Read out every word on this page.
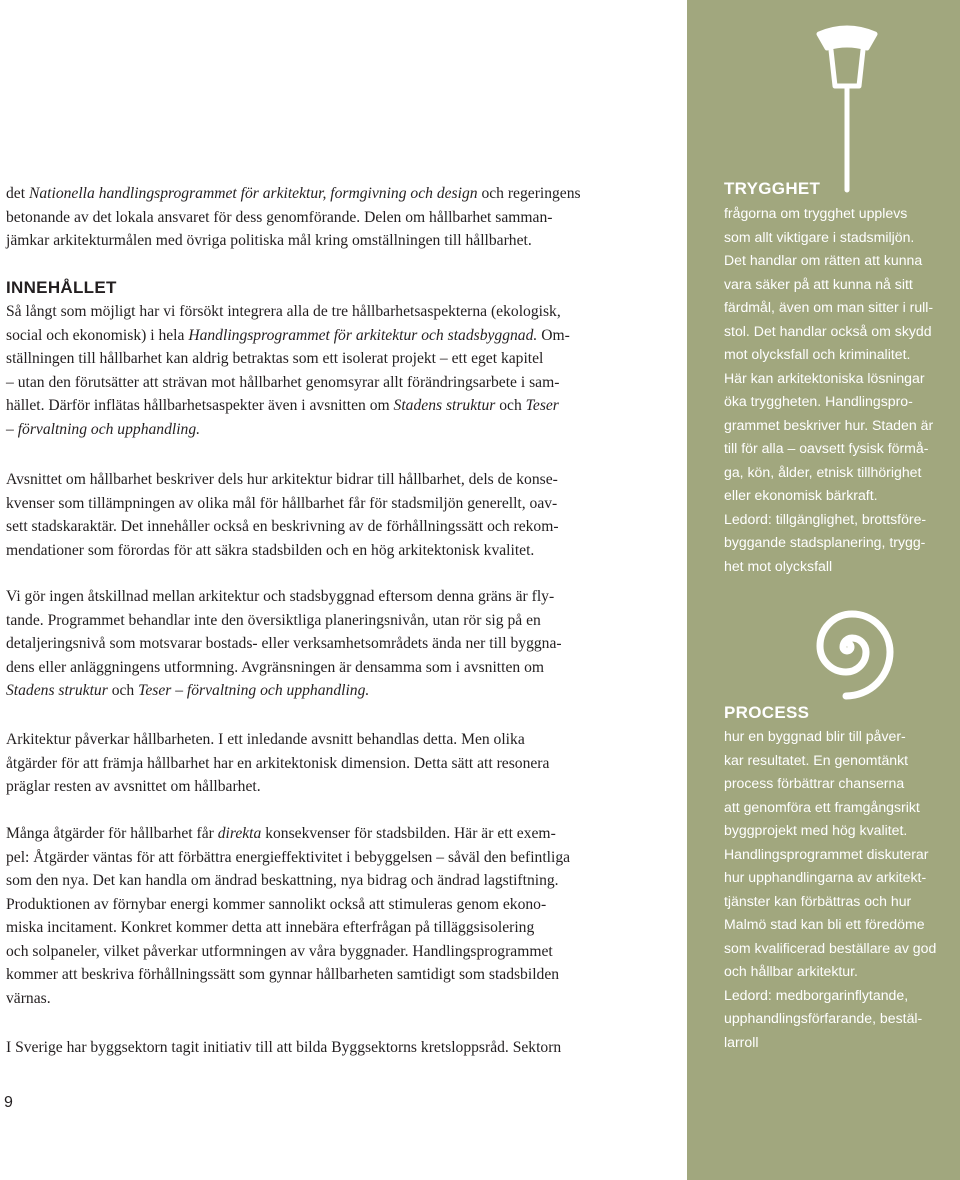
det Nationella handlingsprogrammet för arkitektur, formgivning och design och regeringens
betonande av det lokala ansvaret för dess genomförande. Delen om hållbarhet samman-
jämkar arkitekturmålen med övriga politiska mål kring omställningen till hållbarhet.

INNEHÅLLET

Så långt som möjligt har vi försökt integrera alla de tre hållbarhetsaspekterna (ekologisk,
social och ekonomisk) i hela Handlingsprogrammet för arkitektur och stadsbyggnad. Om-
ställningen till hållbarhet kan aldrig betraktas som ett isolerat projekt – ett eget kapitel
– utan den förutsätter att strävan mot hållbarhet genomsyrar allt förändringsarbete i sam-
hället. Därför inflätas hållbarhetsaspekter även i avsnitten om Stadens struktur och Teser
– förvaltning och upphandling.

Avsnittet om hållbarhet beskriver dels hur arkitektur bidrar till hållbarhet, dels de konse-
kvenser som tillämpningen av olika mål för hållbarhet får för stadsmiljön generellt, oav-
sett stadskaraktär. Det innehåller också en beskrivning av de förhållningssätt och rekom-
mendationer som förordas för att säkra stadsbilden och en hög arkitektonisk kvalitet.

Vi gör ingen åtskillnad mellan arkitektur och stadsbyggnad eftersom denna gräns är fly-
tande. Programmet behandlar inte den översiktliga planeringsnivån, utan rör sig på en
detaljeringsnivå som motsvarar bostads- eller verksamhetsområdets ända ner till byggna-
dens eller anläggningens utformning. Avgränsningen är densamma som i avsnitten om
Stadens struktur och Teser – förvaltning och upphandling.

Arkitektur påverkar hållbarheten. I ett inledande avsnitt behandlas detta. Men olika
åtgärder för att främja hållbarhet har en arkitektonisk dimension. Detta sätt att resonera
präglar resten av avsnittet om hållbarhet.

Många åtgärder för hållbarhet får direkta konsekvenser för stadsbilden. Här är ett exem-
pel: Åtgärder väntas för att förbättra energieffektivitet i bebyggelsen – såväl den befintliga
som den nya. Det kan handla om ändrad beskattning, nya bidrag och ändrad lagstiftning.
Produktionen av förnybar energi kommer sannolikt också att stimuleras genom ekono-
miska incitament. Konkret kommer detta att innebära efterfrågan på tilläggsisolering
och solpaneler, vilket påverkar utformningen av våra byggnader. Handlingsprogrammet
kommer att beskriva förhållningssätt som gynnar hållbarheten samtidigt som stadsbilden
värnas.

I Sverige har byggsektorn tagit initiativ till att bilda Byggsektorns kretsloppsråd. Sektorn

9
TRYGGHET
frågorna om trygghet upplevs
som allt viktigare i stadsmiljön.
Det handlar om rätten att kunna
vara säker på att kunna nå sitt
färdmål, även om man sitter i rull-
stol. Det handlar också om skydd
mot olycksfall och kriminalitet.
Här kan arkitektoniska lösningar
öka tryggheten. Handlingspro-
grammet beskriver hur. Staden är
till för alla – oavsett fysisk förmå-
ga, kön, ålder, etnisk tillhörighet
eller ekonomisk bärkraft.
Ledord: tillgänglighet, brottsföre-
byggande stadsplanering, trygg-
het mot olycksfall
PROCESS
hur en byggnad blir till påver-
kar resultatet. En genomtänkt
process förbättrar chanserna
att genomföra ett framgångsrikt
byggprojekt med hög kvalitet.
Handlingsprogrammet diskuterar
hur upphandlingarna av arkitekt-
tjänster kan förbättras och hur
Malmö stad kan bli ett föredöme
som kvalificerad beställare av god
och hållbar arkitektur.
Ledord: medborgarinflytande,
upphandlingsförfarande, bestäl-
larroll
